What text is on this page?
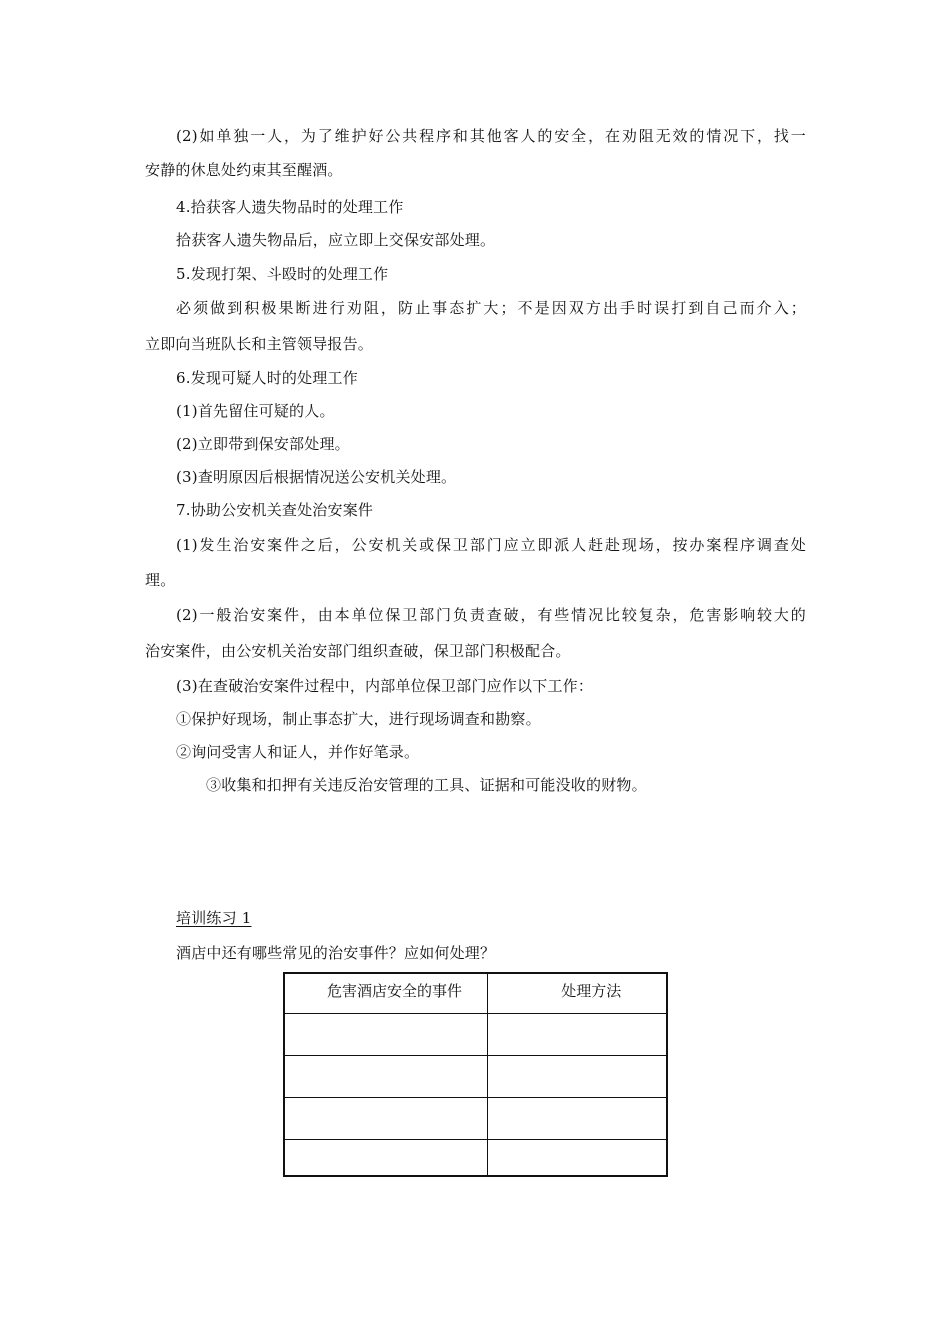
(2)如单独一人，为了维护好公共程序和其他客人的安全，在劝阻无效的情况下，找一
安静的休息处约束其至醒酒。
4.拾获客人遗失物品时的处理工作
拾获客人遗失物品后，应立即上交保安部处理。
5.发现打架、斗殴时的处理工作
必须做到积极果断进行劝阻，防止事态扩大；不是因双方出手时误打到自己而介入；
立即向当班队长和主管领导报告。
6.发现可疑人时的处理工作
(1)首先留住可疑的人。
(2)立即带到保安部处理。
(3)查明原因后根据情况送公安机关处理。
7.协助公安机关查处治安案件
(1)发生治安案件之后，公安机关或保卫部门应立即派人赶赴现场，按办案程序调查处
理。
(2)一般治安案件，由本单位保卫部门负责查破，有些情况比较复杂，危害影响较大的
治安案件，由公安机关治安部门组织查破，保卫部门积极配合。
(3)在查破治安案件过程中，内部单位保卫部门应作以下工作：
①保护好现场，制止事态扩大，进行现场调查和勘察。
②询问受害人和证人，并作好笔录。
③收集和扣押有关违反治安管理的工具、证据和可能没收的财物。
培训练习 1
酒店中还有哪些常见的治安事件？应如何处理？
危害酒店安全的事件	处理方法
